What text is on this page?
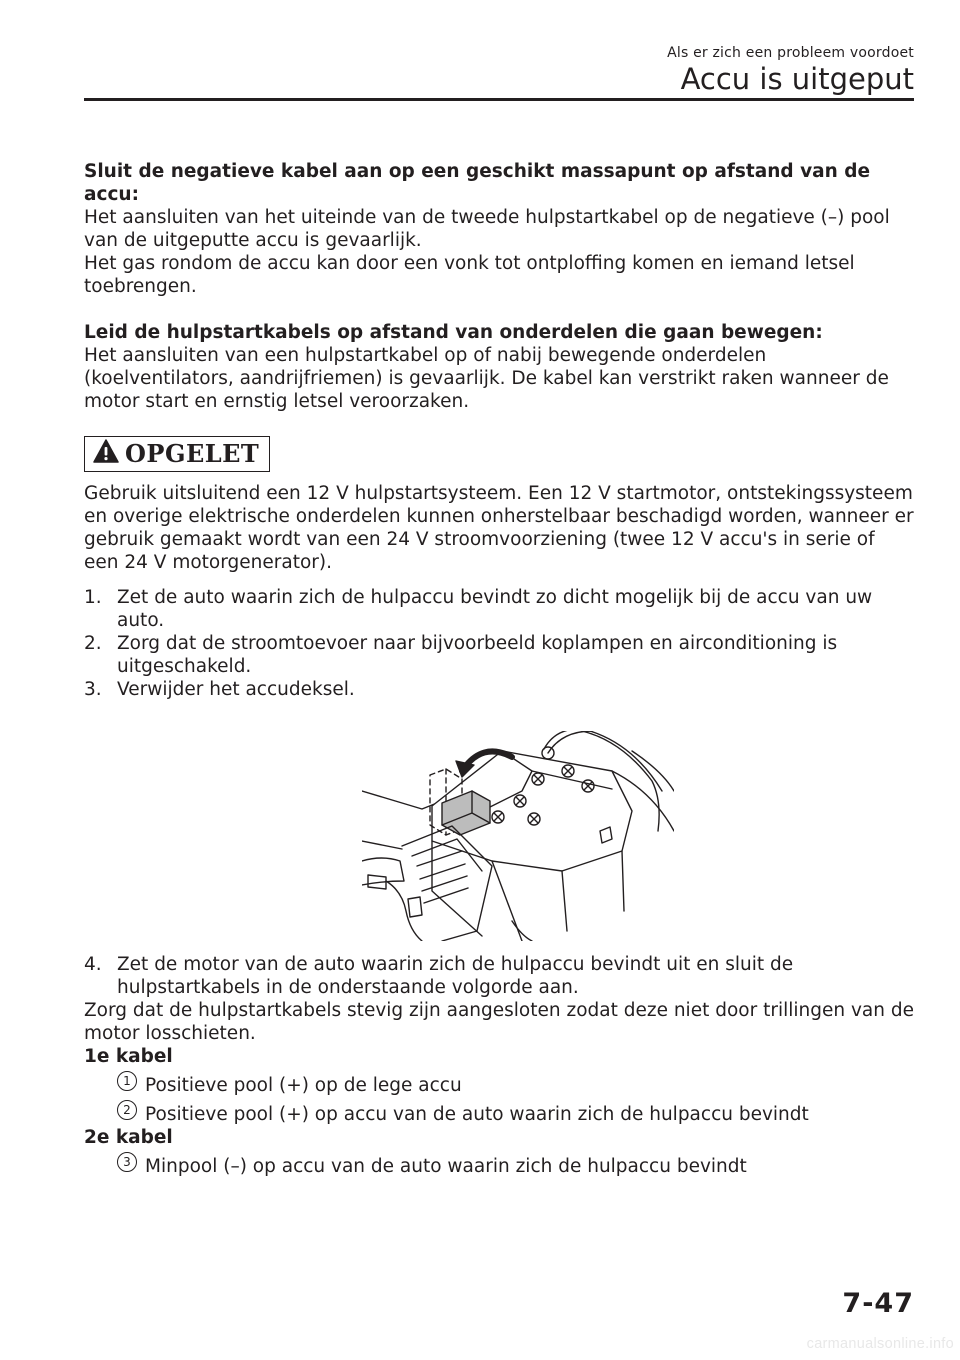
Als er zich een probleem voordoet
Accu is uitgeput

Sluit de negatieve kabel aan op een geschikt massapunt op afstand van de accu:

Het aansluiten van het uiteinde van de tweede hulpstartkabel op de negatieve (–) pool van de uitgeputte accu is gevaarlijk.

Het gas rondom de accu kan door een vonk tot ontploffing komen en iemand letsel toebrengen.

Leid de hulpstartkabels op afstand van onderdelen die gaan bewegen:

Het aansluiten van een hulpstartkabel op of nabij bewegende onderdelen (koelventilators, aandrijfriemen) is gevaarlijk. De kabel kan verstrikt raken wanneer de motor start en ernstig letsel veroorzaken.

OPGELET

Gebruik uitsluitend een 12 V hulpstartsysteem. Een 12 V startmotor, ontstekingssysteem en overige elektrische onderdelen kunnen onherstelbaar beschadigd worden, wanneer er gebruik gemaakt wordt van een 24 V stroomvoorziening (twee 12 V accu's in serie of een 24 V motorgenerator).

1. Zet de auto waarin zich de hulpaccu bevindt zo dicht mogelijk bij de accu van uw auto.
2. Zorg dat de stroomtoevoer naar bijvoorbeeld koplampen en airconditioning is uitgeschakeld.
3. Verwijder het accudeksel.
4. Zet de motor van de auto waarin zich de hulpaccu bevindt uit en sluit de hulpstartkabels in de onderstaande volgorde aan.

Zorg dat de hulpstartkabels stevig zijn aangesloten zodat deze niet door trillingen van de motor losschieten.

1e kabel

1 Positieve pool (+) op de lege accu
2 Positieve pool (+) op accu van de auto waarin zich de hulpaccu bevindt

2e kabel

3 Minpool (–) op accu van de auto waarin zich de hulpaccu bevindt
7-47
carmanualsonline.info
